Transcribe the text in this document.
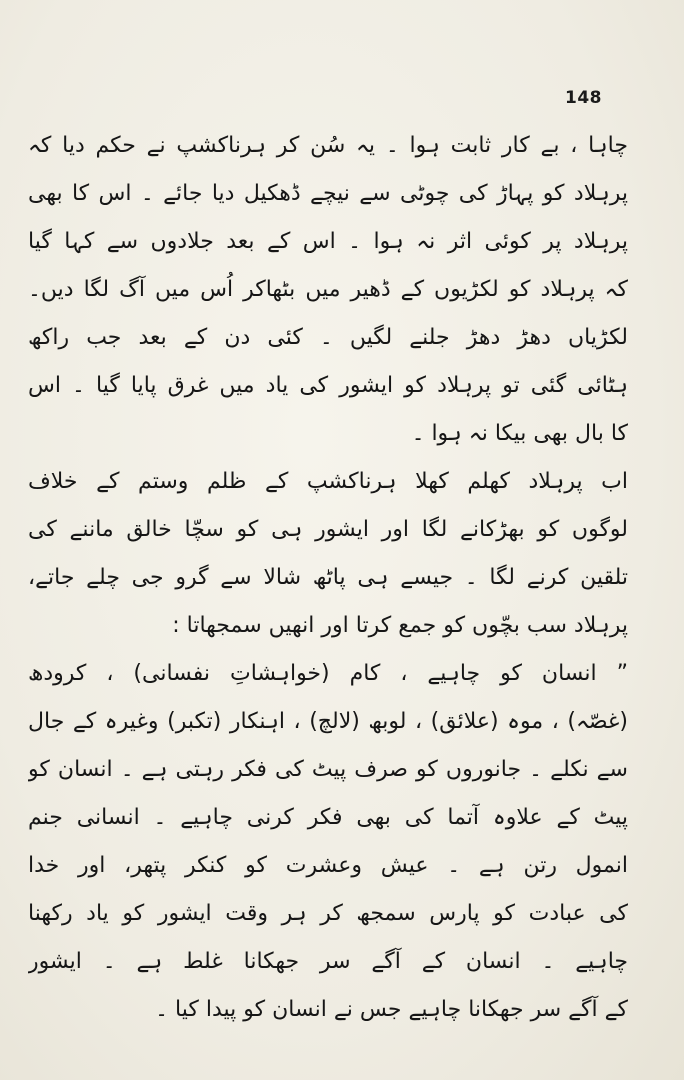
148
چاہا ، بے کار ثابت ہوا ۔ یہ سُن کر ہرناکشپ نے حکم دیا کہ
پرہلاد کو پہاڑ کی چوٹی سے نیچے ڈھکیل دیا جائے ۔ اس کا بھی
پرہلاد پر کوئی اثر نہ ہوا ۔ اس کے بعد جلادوں سے کہا گیا
کہ پرہلاد کو لکڑیوں کے ڈھیر میں بٹھاکر اُس میں آگ لگا دیں۔
لکڑیاں دھڑ دھڑ جلنے لگیں ۔ کئی دن کے بعد جب راکھ
ہٹائی گئی تو پرہلاد کو ایشور کی یاد میں غرق پایا گیا ۔ اس
کا بال بھی بیکا نہ ہوا ۔
اب پرہلاد کھلم کھلا ہرناکشپ کے ظلم وستم کے خلاف
لوگوں کو بھڑکانے لگا اور ایشور ہی کو سچّا خالق ماننے کی
تلقین کرنے لگا ۔ جیسے ہی پاٹھ شالا سے گرو جی چلے جاتے،
پرہلاد سب بچّوں کو جمع کرتا اور انھیں سمجھاتا :
” انسان کو چاہیے ، کام (خواہشاتِ نفسانی) ، کرودھ
(غصّہ) ، موہ (علائق) ، لوبھ (لالچ) ، اہنکار (تکبر) وغیرہ کے جال
سے نکلے ۔ جانوروں کو صرف پیٹ کی فکر رہتی ہے ۔ انسان کو
پیٹ کے علاوہ آتما کی بھی فکر کرنی چاہیے ۔ انسانی جنم
انمول رتن ہے ۔ عیش وعشرت کو کنکر پتھر، اور خدا
کی عبادت کو پارس سمجھ کر ہر وقت ایشور کو یاد رکھنا
چاہیے ۔ انسان کے آگے سر جھکانا غلط ہے ۔ ایشور
کے آگے سر جھکانا چاہیے جس نے انسان کو پیدا کیا ۔
